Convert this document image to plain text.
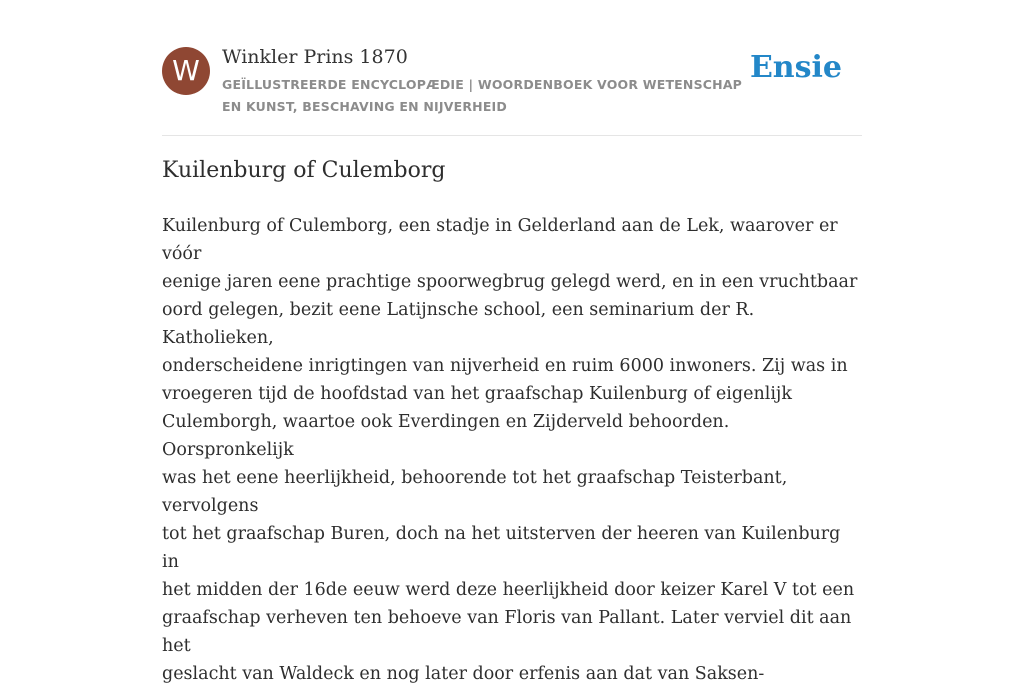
W	Winkler Prins 1870
GEÏLLUSTREERDE ENCYCLOPÆDIE | WOORDENBOEK VOOR WETENSCHAP EN KUNST, BESCHAVING EN NIJVERHEID
Ensie
Kuilenburg of Culemborg
Kuilenburg of Culemborg, een stadje in Gelderland aan de Lek, waarover er vóór
eenige jaren eene prachtige spoorwegbrug gelegd werd, en in een vruchtbaar
oord gelegen, bezit eene Latijnsche school, een seminarium der R. Katholieken,
onderscheidene inrigtingen van nijverheid en ruim 6000 inwoners. Zij was in
vroegeren tijd de hoofdstad van het graafschap Kuilenburg of eigenlijk
Culemborgh, waartoe ook Everdingen en Zijderveld behoorden. Oorspronkelijk
was het eene heerlijkheid, behoorende tot het graafschap Teisterbant, vervolgens
tot het graafschap Buren, doch na het uitsterven der heeren van Kuilenburg in
het midden der 16de eeuw werd deze heerlijkheid door keizer Karel V tot een
graafschap verheven ten behoeve van Floris van Pallant. Later verviel dit aan het
geslacht van Waldeck en nog later door erfenis aan dat van Saksen-
